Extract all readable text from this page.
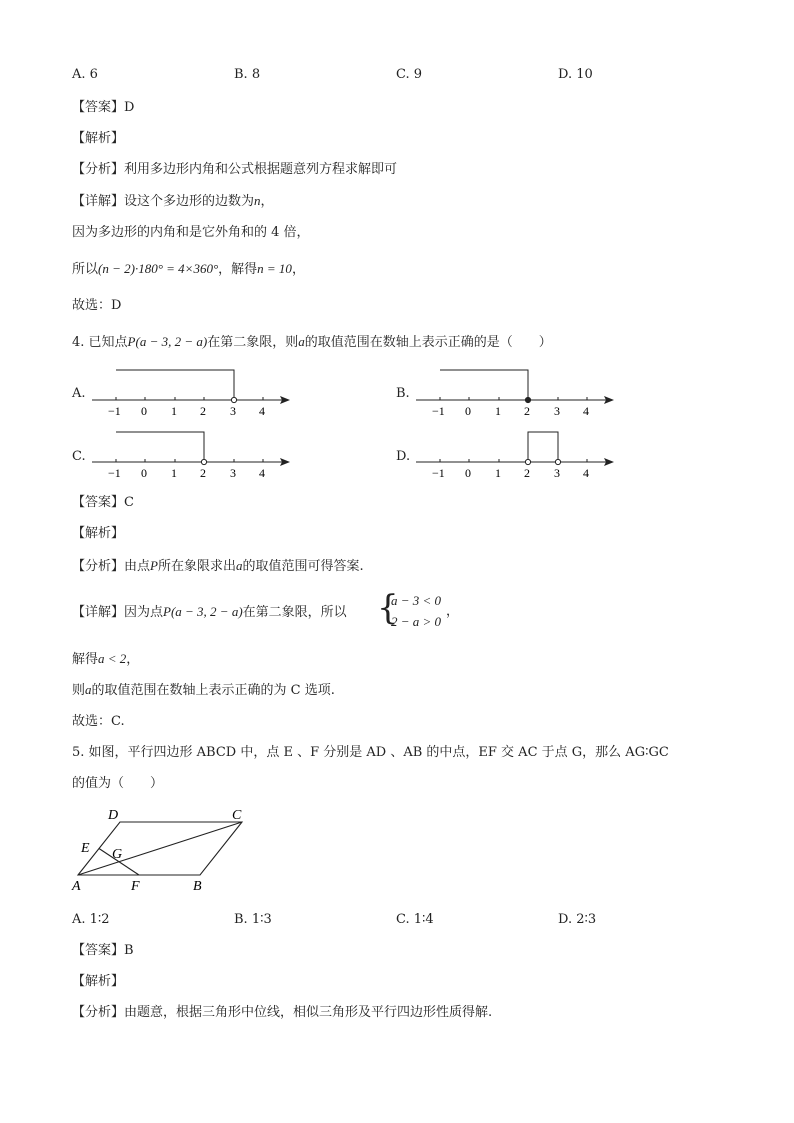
A. 6	B. 8	C. 9	D. 10
【答案】D
【解析】
【分析】利用多边形内角和公式根据题意列方程求解即可
【详解】设这个多边形的边数为n，
因为多边形的内角和是它外角和的 4 倍，
所以(n − 2)·180° = 4×360°，解得n = 10，
故选：D
4. 已知点P(a − 3, 2 − a)在第二象限，则a的取值范围在数轴上表示正确的是（　　）
A.	B.
C.	D.
−1 0 1 2 3 4	−1 0 1 2 3 4
−1 0 1 2 3 4	−1 0 1 2 3 4
【答案】C
【解析】
【分析】由点P所在象限求出a的取值范围可得答案.
【详解】因为点P(a − 3, 2 − a)在第二象限，所以 {
a − 3 < 0
2 − a > 0
，
解得a < 2，
则a的取值范围在数轴上表示正确的为 C 选项.
故选：C.
5. 如图，平行四边形 ABCD 中，点 E 、F 分别是 AD 、AB 的中点，EF 交 AC 于点 G，那么 AG∶GC
的值为（　　）
D	C
E G
A	F	B
A. 1∶2	B. 1∶3	C. 1∶4	D. 2∶3
【答案】B
【解析】
【分析】由题意，根据三角形中位线，相似三角形及平行四边形性质得解.
